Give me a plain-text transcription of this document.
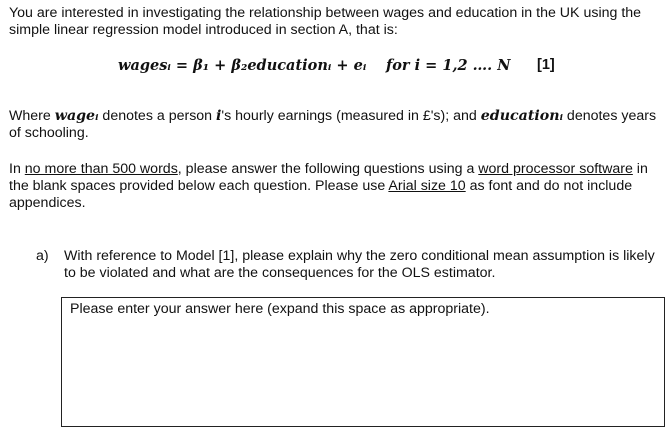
You are interested in investigating the relationship between wages and education in the UK using the simple linear regression model introduced in section A, that is:

wagesᵢ = β₁ + β₂educationᵢ + eᵢ for i = 1,2 …. N [1]

Where wageᵢ denotes a person i's hourly earnings (measured in £'s); and educationᵢ denotes years of schooling.

In no more than 500 words, please answer the following questions using a word processor software in the blank spaces provided below each question. Please use Arial size 10 as font and do not include appendices.

a) With reference to Model [1], please explain why the zero conditional mean assumption is likely to be violated and what are the consequences for the OLS estimator.
Please enter your answer here (expand this space as appropriate).
